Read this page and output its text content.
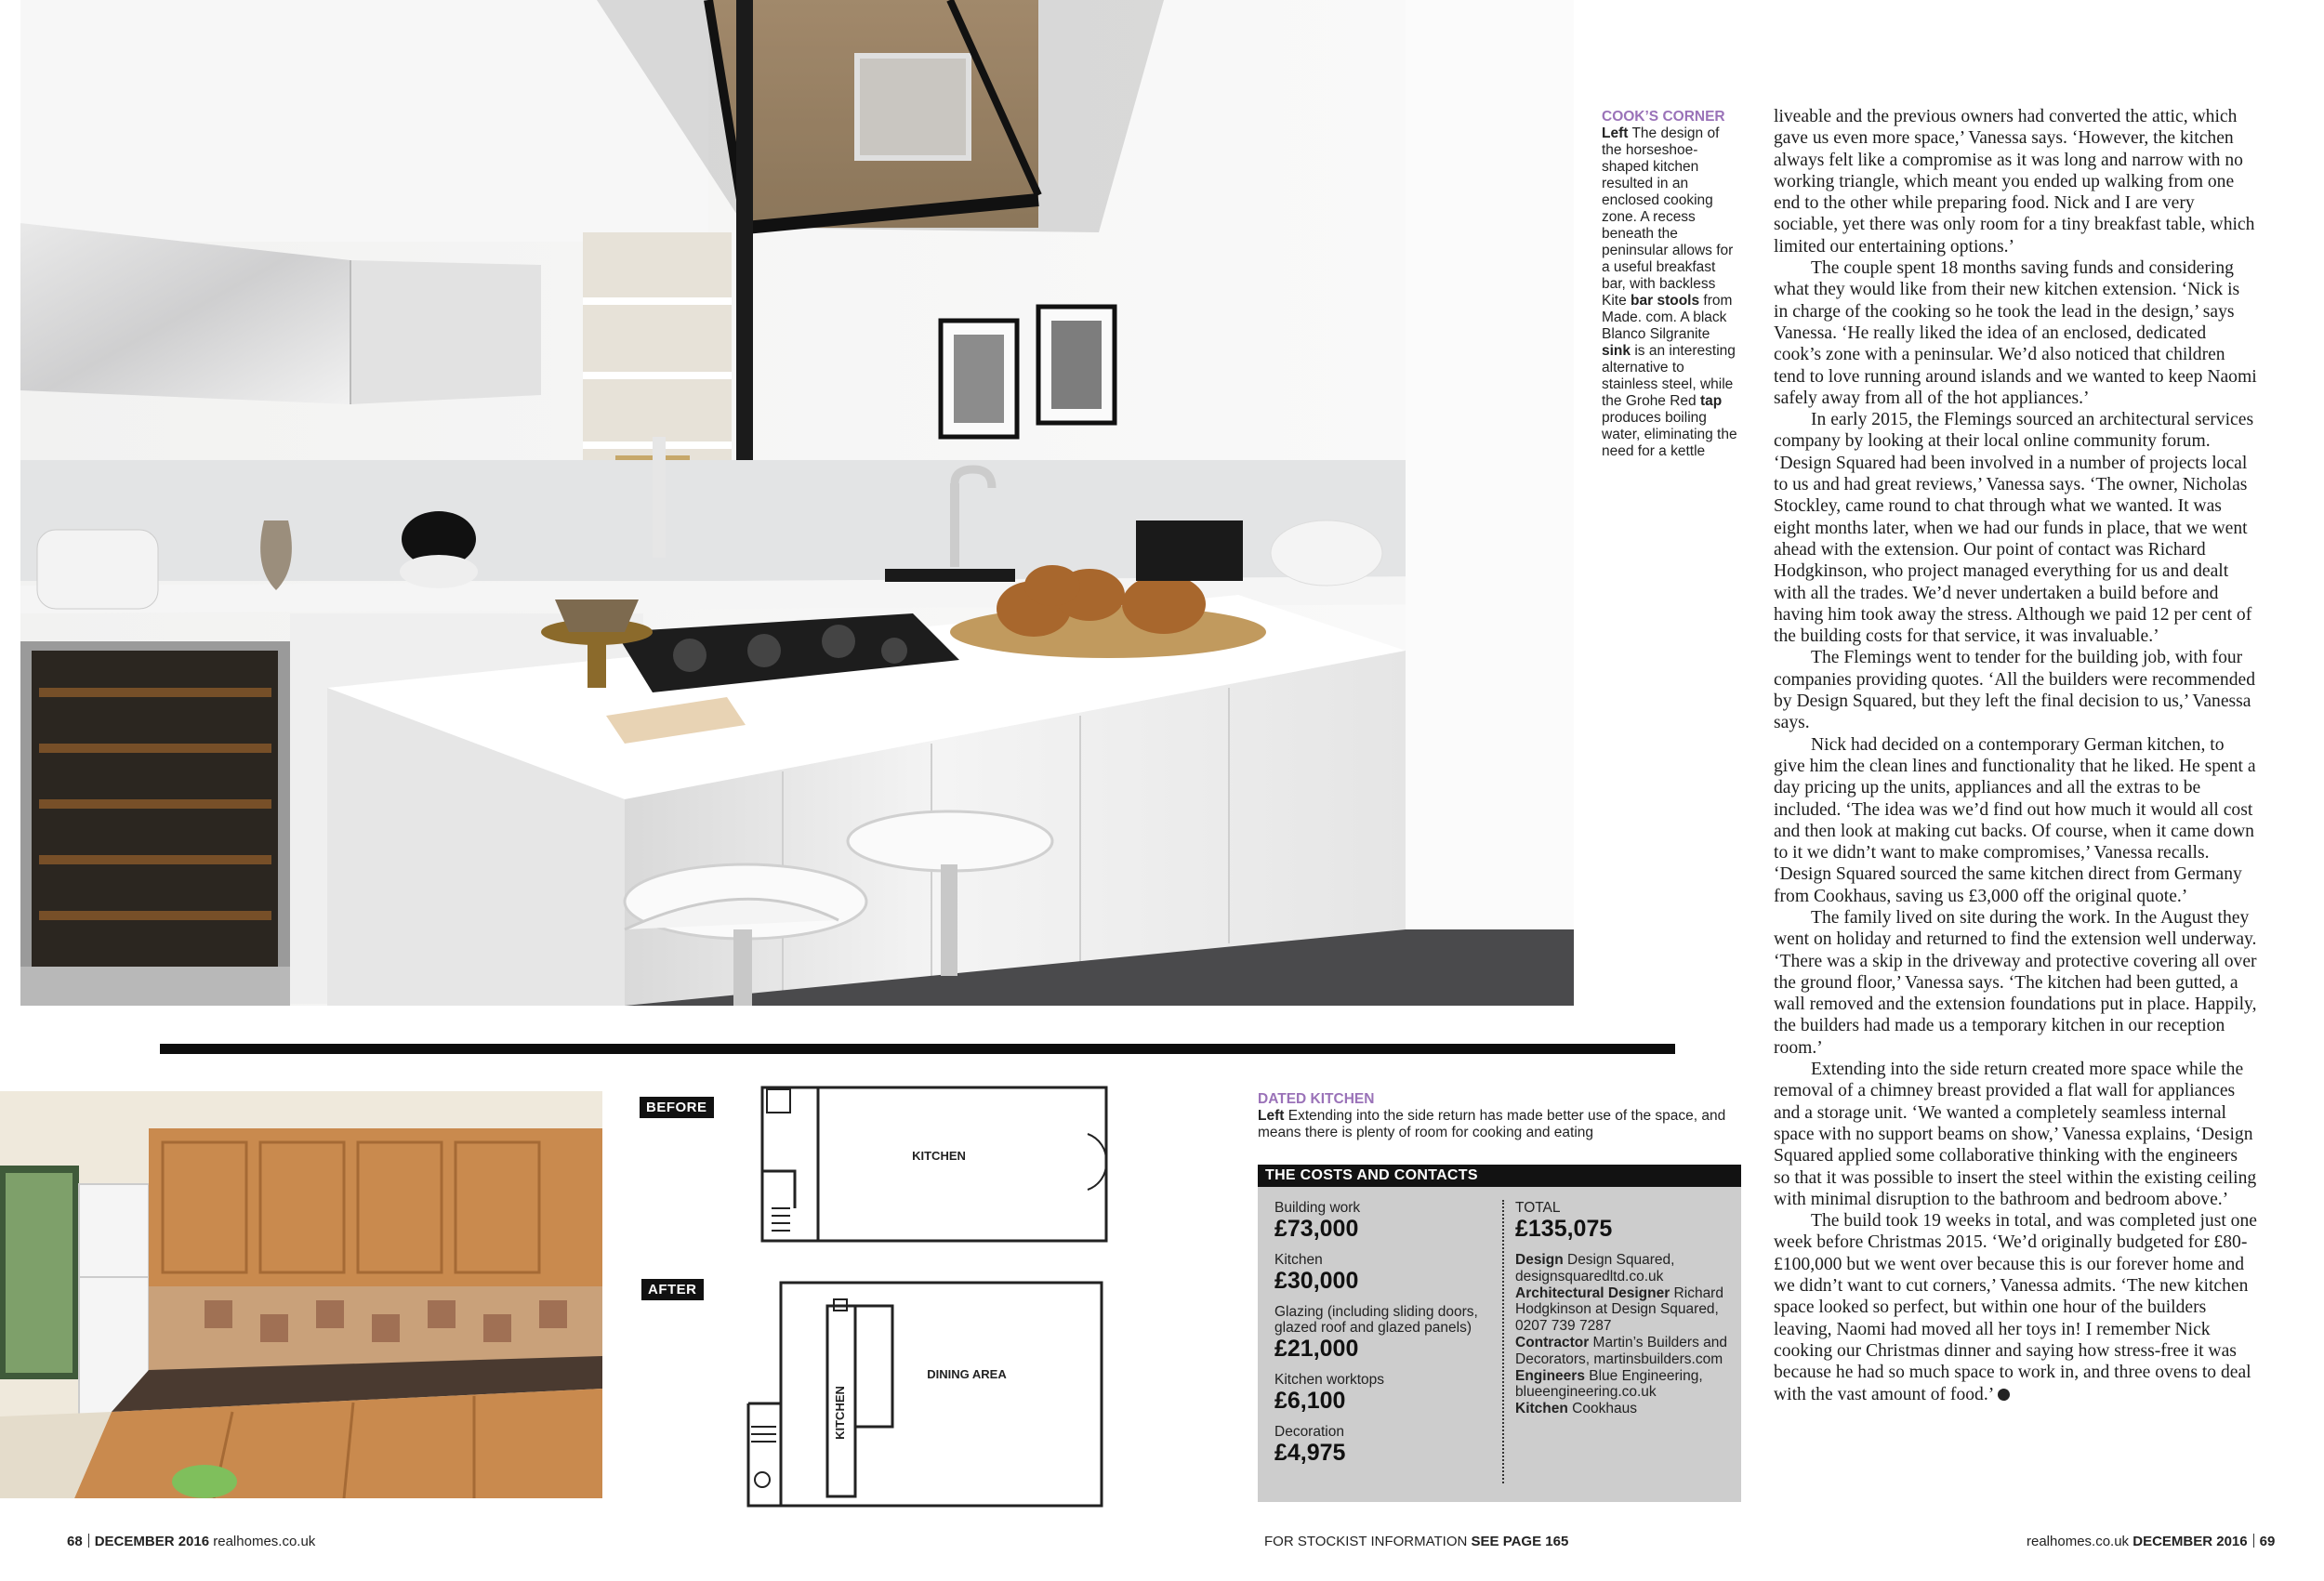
COOK’S CORNER
Left The design of the horseshoe-shaped kitchen resulted in an enclosed cooking zone. A recess beneath the peninsular allows for a useful breakfast bar, with backless Kite bar stools from Made. com. A black Blanco Silgranite sink is an interesting alternative to stainless steel, while the Grohe Red tap produces boiling water, eliminating the need for a kettle

liveable and the previous owners had converted the attic, which gave us even more space,’ Vanessa says. ‘However, the kitchen always felt like a compromise as it was long and narrow with no working triangle, which meant you ended up walking from one end to the other while preparing food. Nick and I are very sociable, yet there was only room for a tiny breakfast table, which limited our entertaining options.’

The couple spent 18 months saving funds and considering what they would like from their new kitchen extension. ‘Nick is in charge of the cooking so he took the lead in the design,’ says Vanessa. ‘He really liked the idea of an enclosed, dedicated cook’s zone with a peninsular. We’d also noticed that children tend to love running around islands and we wanted to keep Naomi safely away from all of the hot appliances.’

In early 2015, the Flemings sourced an architectural services company by looking at their local online community forum. ‘Design Squared had been involved in a number of projects local to us and had great reviews,’ Vanessa says. ‘The owner, Nicholas Stockley, came round to chat through what we wanted. It was eight months later, when we had our funds in place, that we went ahead with the extension. Our point of contact was Richard Hodgkinson, who project managed everything for us and dealt with all the trades. We’d never undertaken a build before and having him took away the stress. Although we paid 12 per cent of the building costs for that service, it was invaluable.’

The Flemings went to tender for the building job, with four companies providing quotes. ‘All the builders were recommended by Design Squared, but they left the final decision to us,’ Vanessa says.

Nick had decided on a contemporary German kitchen, to give him the clean lines and functionality that he liked. He spent a day pricing up the units, appliances and all the extras to be included. ‘The idea was we’d find out how much it would all cost and then look at making cut backs. Of course, when it came down to it we didn’t want to make compromises,’ Vanessa recalls. ‘Design Squared sourced the same kitchen direct from Germany from Cookhaus, saving us £3,000 off the original quote.’

The family lived on site during the work. In the August they went on holiday and returned to find the extension well underway. ‘There was a skip in the driveway and protective covering all over the ground floor,’ Vanessa says. ‘The kitchen had been gutted, a wall removed and the extension foundations put in place. Happily, the builders had made us a temporary kitchen in our reception room.’

Extending into the side return created more space while the removal of a chimney breast provided a flat wall for appliances and a storage unit. ‘We wanted a completely seamless internal space with no support beams on show,’ Vanessa explains, ‘Design Squared applied some collaborative thinking with the engineers so that it was possible to insert the steel within the existing ceiling with minimal disruption to the bathroom and bedroom above.’

The build took 19 weeks in total, and was completed just one week before Christmas 2015. ‘We’d originally budgeted for £80-£100,000 but we went over because this is our forever home and we didn’t want to cut corners,’ Vanessa admits. ‘The new kitchen space looked so perfect, but within one hour of the builders leaving, Naomi had moved all her toys in! I remember Nick cooking our Christmas dinner and saying how stress-free it was because he had so much space to work in, and three ovens to deal with the vast amount of food.’

BEFORE
AFTER
KITCHEN
KITCHEN
DINING AREA
DATED KITCHEN
Left Extending into the side return has made better use of the space, and means there is plenty of room for cooking and eating
THE COSTS AND CONTACTS
Building work
£73,000
Kitchen
£30,000
Glazing (including sliding doors, glazed roof and glazed panels)
£21,000
Kitchen worktops
£6,100
Decoration
£4,975
TOTAL
£135,075
Design Design Squared, designsquaredltd.co.uk
Architectural Designer Richard Hodgkinson at Design Squared, 0207 739 7287
Contractor Martin’s Builders and Decorators, martinsbuilders.com
Engineers Blue Engineering, blueengineering.co.uk
Kitchen Cookhaus
68 DECEMBER 2016 realhomes.co.uk	FOR STOCKIST INFORMATION SEE PAGE 165	realhomes.co.uk DECEMBER 2016 69
